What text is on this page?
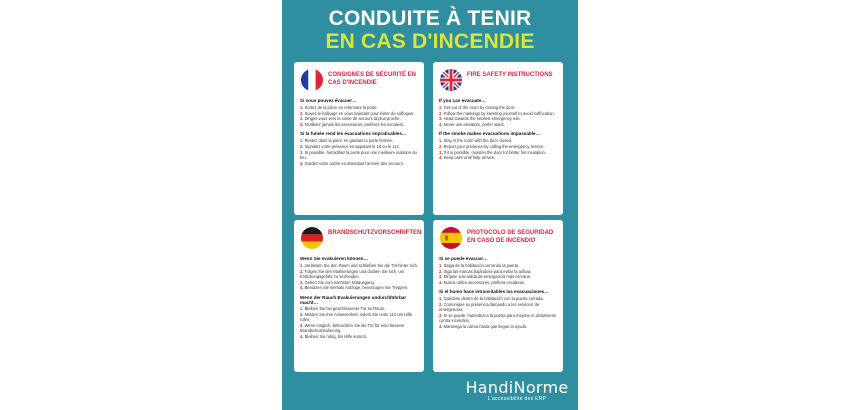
CONDUITE À TENIR
EN CAS D'INCENDIE
CONSIGNES DE SÉCURITÉ EN CAS D'INCENDIE
Si vous pouvez évacuer…
1. Sortez de la pièce en refermant la porte.
2. Suivez le balisage en vous baissant pour éviter de suffoquer.
3. Dirigez-vous vers la sortie de secours la plus proche.
4. N'utilisez jamais les ascenseurs, préférez les escaliers.
Si la fumée rend les évacuations impraticables…
1. Restez dans la pièce en gardant la porte fermée.
2. Signalez votre présence en appelant le 18 ou le 112.
3. Si possible, humidifiez la porte pour une meilleure isolation du feu.
4. Gardez votre calme en attendant l'arrivée des secours.
FIRE SAFETY INSTRUCTIONS
If you can evacuate…
1. Get out of the room by closing the door.
2. Follow the markings by lowering yourself to avoid suffocation.
3. Head towards the nearest emergency exit.
4. Never use elevators, prefer stairs.
If the smoke makes evacuations impassable…
1. Stay in the room with the door closed.
2. Report your presence by calling the emergency service.
3. If it is possible, moisten the door for better fire insulation.
4. Keep calm until help arrives.
BRANDSCHUTZVORSCHRIFTEN
Wenn Sie evakuieren können…
1. Verlassen Sie den Raum und schließen Sie die Tür hinter sich.
2. Folgen Sie den Markierungen und ducken Sie sich, um Erstickungsgefahr zu vermeiden.
3. Gehen Sie zum nächsten Notausgang.
4. Benutzen Sie niemals Aufzüge, bevorzugen Sie Treppen.
Wenn der Rauch Evakuierungen undurchführbar macht…
1. Bleiben Sie bei geschlossener Tür im Raum.
2. Melden Sie Ihre Anwesenheit, indem Sie unter 112 um Hilfe rufen.
3. Wenn möglich, befeuchten Sie die Tür für eine bessere Brandschutzisolierung.
4. Bleiben Sie ruhig, bis Hilfe kommt.
PROTOCOLO DE SEGURIDAD EN CASO DE INCENDIO
Si se puede evacuar…
1. Salga de la habitación cerrando la puerta.
2. Siga las marcas bajándose para evitar la asfixia.
3. Diríjase a la salida de emergencia más cercana.
4. Nunca utilice ascensores, prefiera escaleras.
Si el humo hace intransitables las evacuaciones…
1. Quédese dentro de la habitación con la puerta cerrada.
2. Comunique su presencia llamando a los servicios de emergencias.
3. Si se puede, humedezca la puerta para mejorar el aislamiento contra incendios.
4. Mantenga la calma hasta que llegue la ayuda.
HandiNorme
L'accessibilité des ERP
